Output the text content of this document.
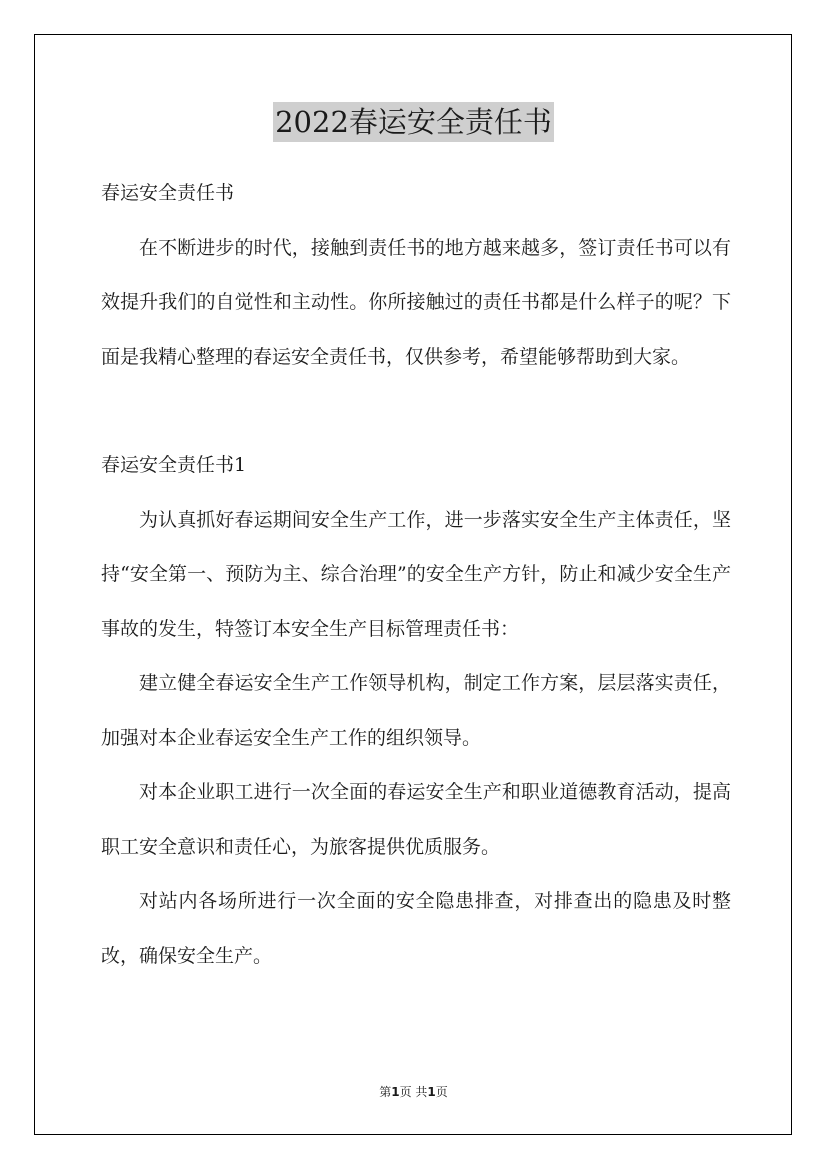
2022春运安全责任书

春运安全责任书

在不断进步的时代，接触到责任书的地方越来越多，签订责任书可以有效提升我们的自觉性和主动性。你所接触过的责任书都是什么样子的呢？下面是我精心整理的春运安全责任书，仅供参考，希望能够帮助到大家。

春运安全责任书1

为认真抓好春运期间安全生产工作，进一步落实安全生产主体责任，坚持“安全第一、预防为主、综合治理”的安全生产方针，防止和减少安全生产事故的发生，特签订本安全生产目标管理责任书：

建立健全春运安全生产工作领导机构，制定工作方案，层层落实责任，加强对本企业春运安全生产工作的组织领导。

对本企业职工进行一次全面的春运安全生产和职业道德教育活动，提高职工安全意识和责任心，为旅客提供优质服务。

对站内各场所进行一次全面的安全隐患排查，对排查出的隐患及时整改，确保安全生产。

第1页 共1页
